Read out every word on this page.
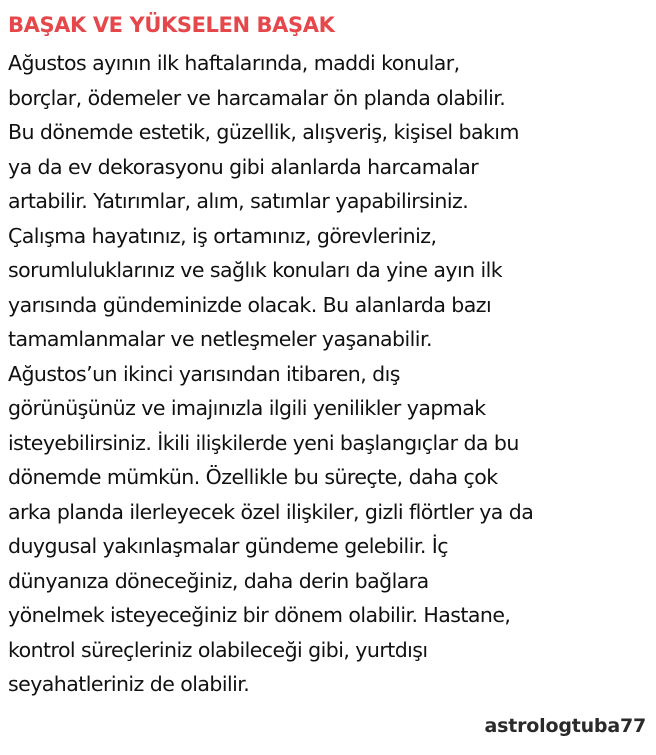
BAŞAK VE YÜKSELEN BAŞAK
Ağustos ayının ilk haftalarında, maddi konular,
borçlar, ödemeler ve harcamalar ön planda olabilir.
Bu dönemde estetik, güzellik, alışveriş, kişisel bakım
ya da ev dekorasyonu gibi alanlarda harcamalar
artabilir. Yatırımlar, alım, satımlar yapabilirsiniz.
Çalışma hayatınız, iş ortamınız, görevleriniz,
sorumluluklarınız ve sağlık konuları da yine ayın ilk
yarısında gündeminizde olacak. Bu alanlarda bazı
tamamlanmalar ve netleşmeler yaşanabilir.
Ağustos’un ikinci yarısından itibaren, dış
görünüşünüz ve imajınızla ilgili yenilikler yapmak
isteyebilirsiniz. İkili ilişkilerde yeni başlangıçlar da bu
dönemde mümkün. Özellikle bu süreçte, daha çok
arka planda ilerleyecek özel ilişkiler, gizli flörtler ya da
duygusal yakınlaşmalar gündeme gelebilir. İç
dünyanıza döneceğiniz, daha derin bağlara
yönelmek isteyeceğiniz bir dönem olabilir. Hastane,
kontrol süreçleriniz olabileceği gibi, yurtdışı
seyahatleriniz de olabilir.
astrologtuba77
